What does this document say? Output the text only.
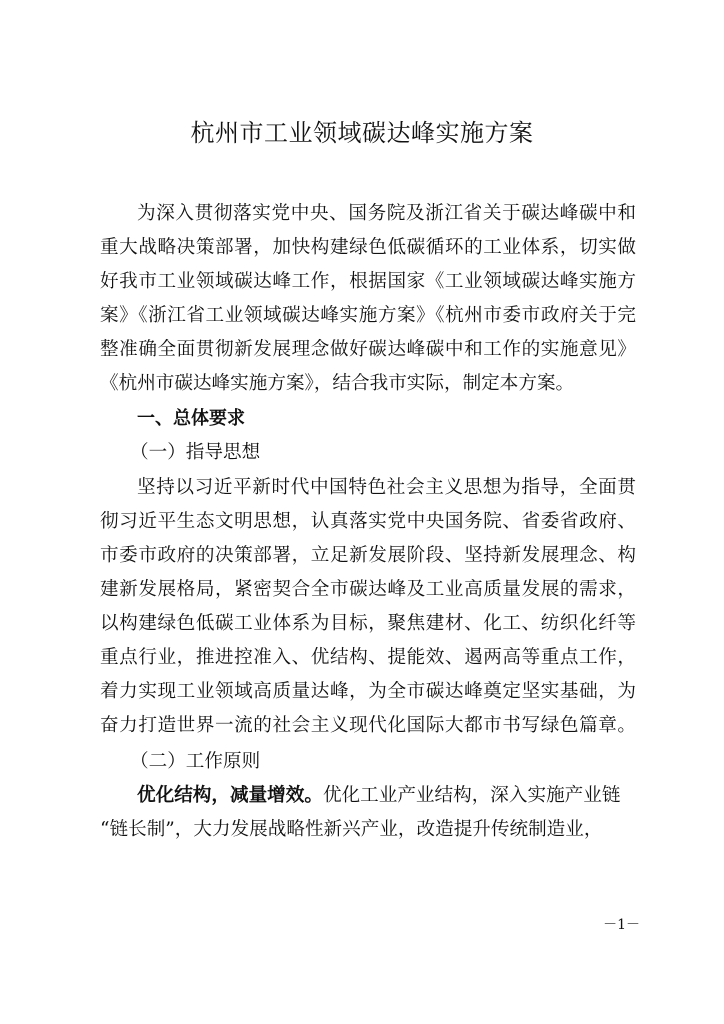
杭州市工业领域碳达峰实施方案
为深入贯彻落实党中央、国务院及浙江省关于碳达峰碳中和
重大战略决策部署，加快构建绿色低碳循环的工业体系，切实做
好我市工业领域碳达峰工作，根据国家《工业领域碳达峰实施方
案》《浙江省工业领域碳达峰实施方案》《杭州市委市政府关于完
整准确全面贯彻新发展理念做好碳达峰碳中和工作的实施意见》
《杭州市碳达峰实施方案》，结合我市实际，制定本方案。
一、总体要求
（一）指导思想
坚持以习近平新时代中国特色社会主义思想为指导，全面贯
彻习近平生态文明思想，认真落实党中央国务院、省委省政府、
市委市政府的决策部署，立足新发展阶段、坚持新发展理念、构
建新发展格局，紧密契合全市碳达峰及工业高质量发展的需求，
以构建绿色低碳工业体系为目标，聚焦建材、化工、纺织化纤等
重点行业，推进控准入、优结构、提能效、遏两高等重点工作，
着力实现工业领域高质量达峰，为全市碳达峰奠定坚实基础，为
奋力打造世界一流的社会主义现代化国际大都市书写绿色篇章。
（二）工作原则
优化结构，减量增效。优化工业产业结构，深入实施产业链
“链长制”，大力发展战略性新兴产业，改造提升传统制造业，
－1－
